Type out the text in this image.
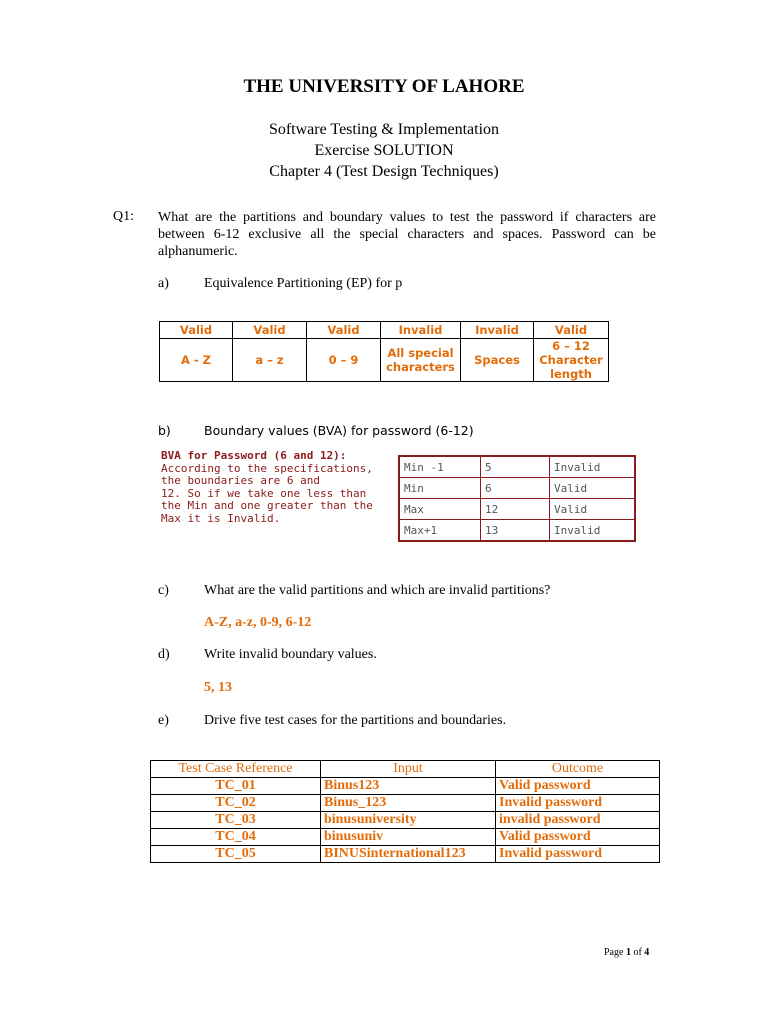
THE UNIVERSITY OF LAHORE
Software Testing & Implementation
Exercise SOLUTION
Chapter 4 (Test Design Techniques)
Q1: What are the partitions and boundary values to test the password if characters are between 6-12 exclusive all the special characters and spaces. Password can be alphanumeric.
a)	Equivalence Partitioning (EP) for p
Valid	Valid	Valid	Invalid	Invalid	Valid
A - Z	a – z	0 – 9	All special characters	Spaces	6 – 12 Character length
b)	Boundary values (BVA) for password (6-12)
BVA for Password (6 and 12):
According to the specifications,
the boundaries are 6 and
12. So if we take one less than
the Min and one greater than the
Max it is Invalid.
Min -1	5	Invalid
Min	6	Valid
Max	12	Valid
Max+1	13	Invalid
c)	What are the valid partitions and which are invalid partitions?
A-Z, a-z, 0-9, 6-12
d) Write invalid boundary values.
5, 13
e)	Drive five test cases for the partitions and boundaries.
Test Case Reference	Input	Outcome
TC_01	Binus123	Valid password
TC_02	Binus_123	Invalid password
TC_03	binusuniversity	invalid password
TC_04	binusuniv	Valid password
TC_05	BINUSinternational123	Invalid password
Page 1 of 4
